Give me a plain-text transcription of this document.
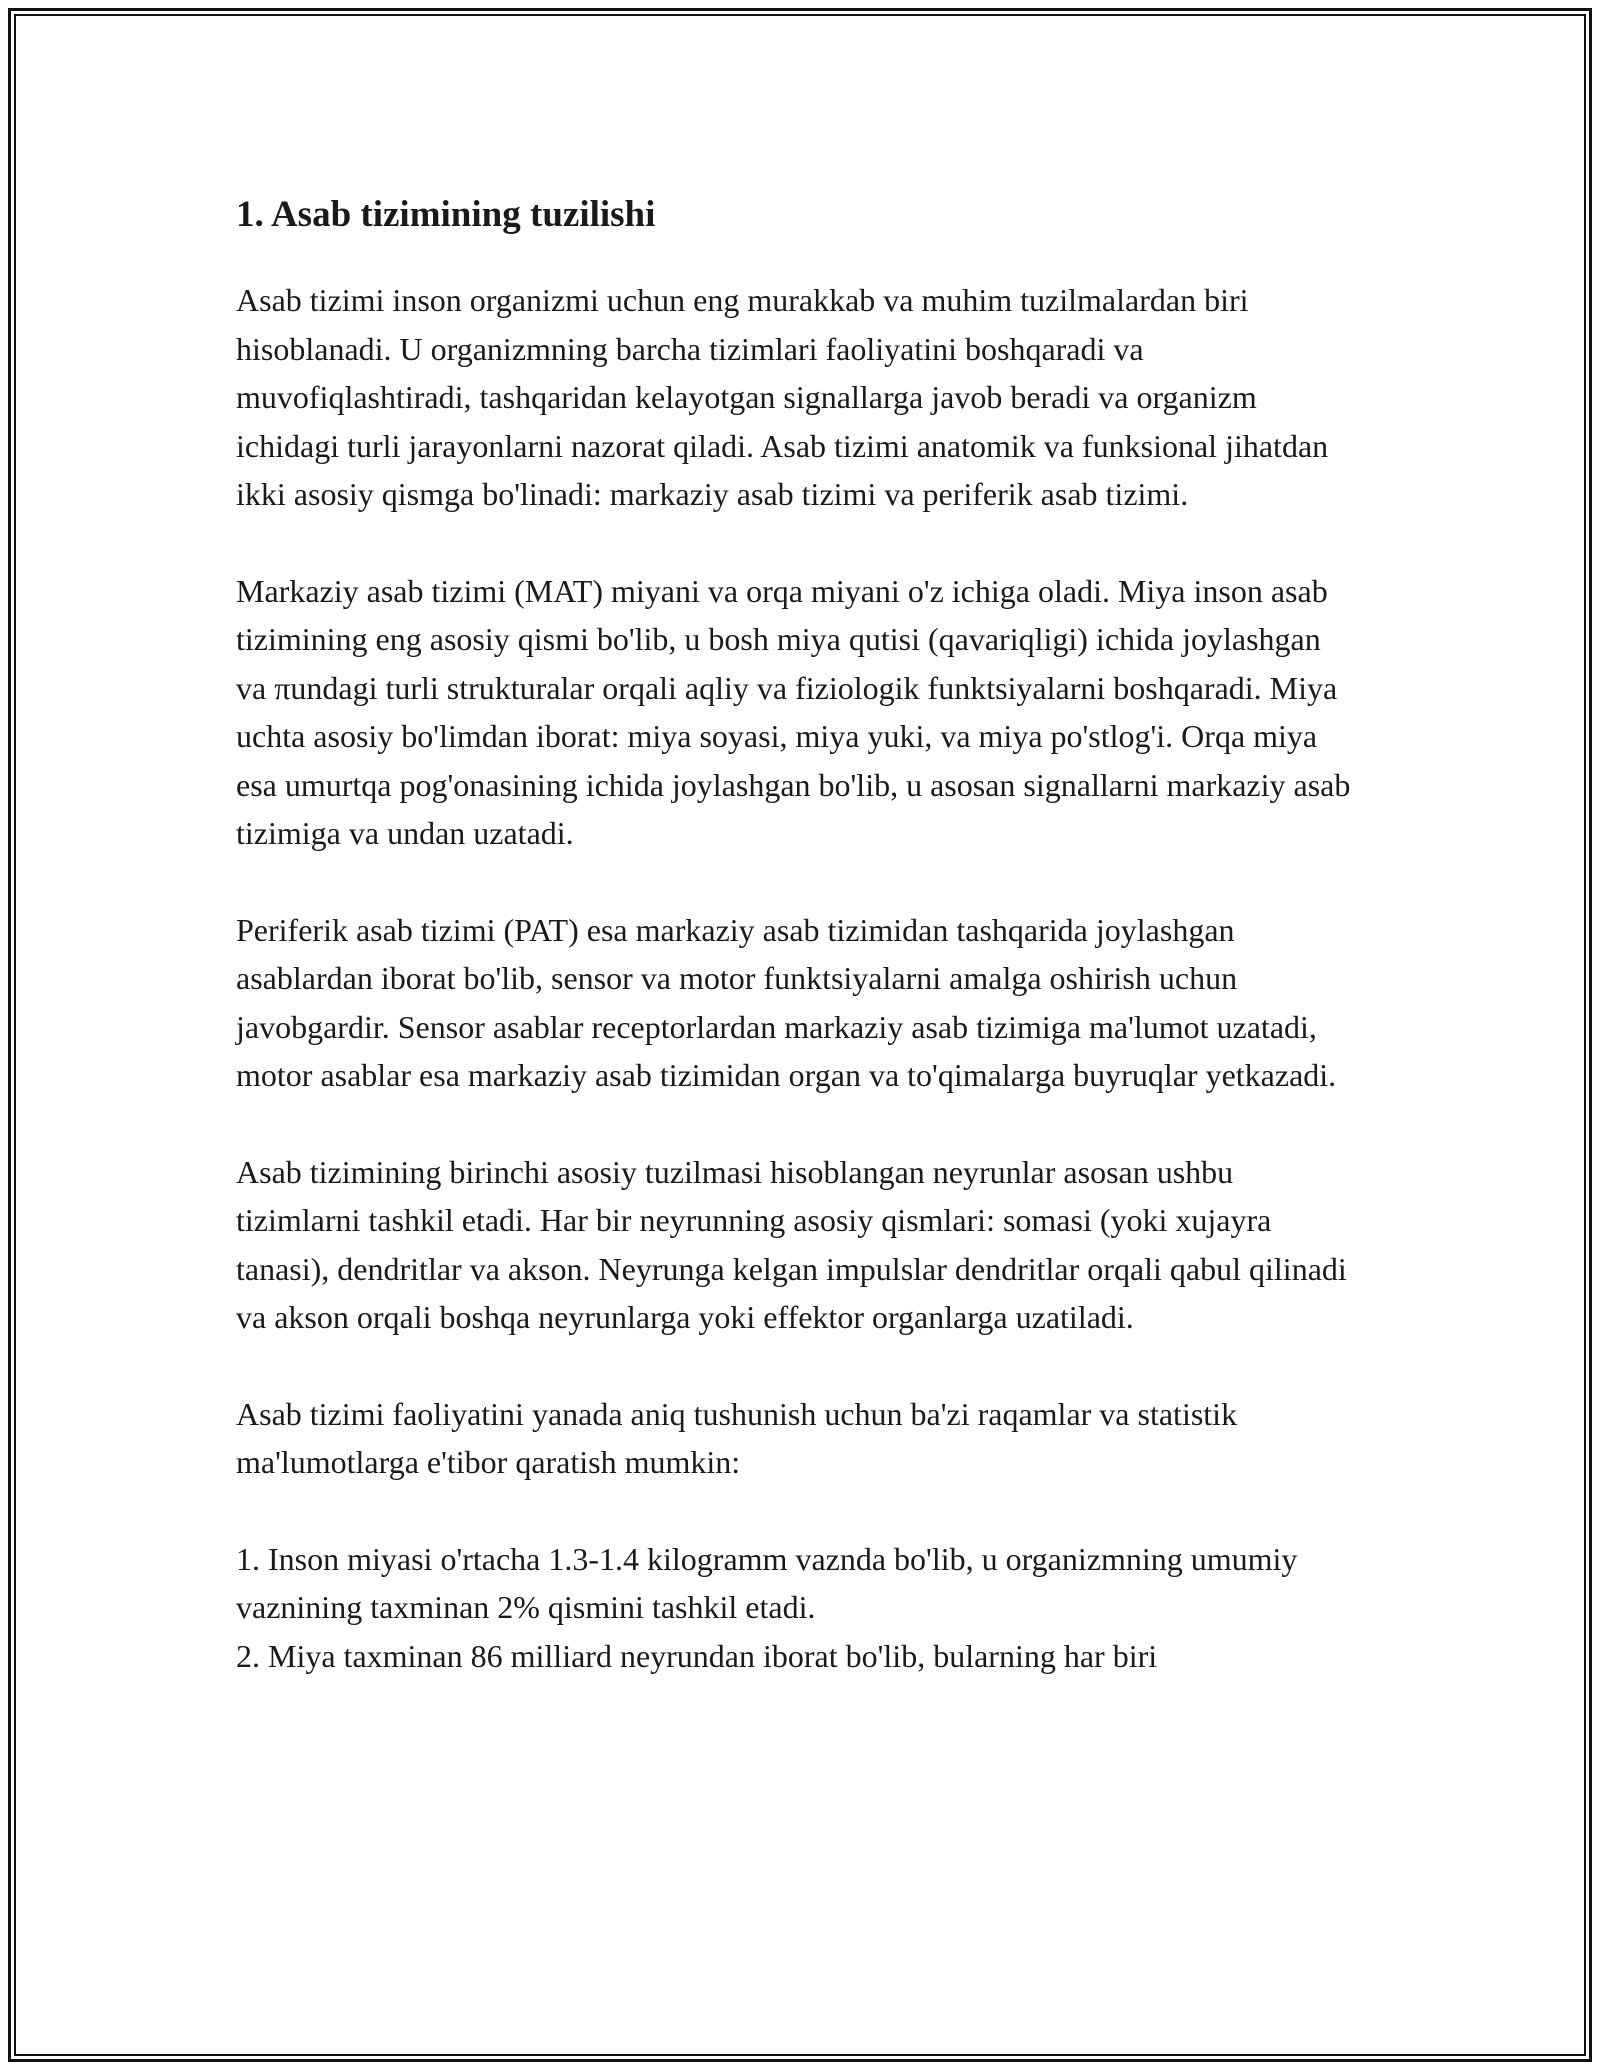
1. Asab tizimining tuzilishi

Asab tizimi inson organizmi uchun eng murakkab va muhim tuzilmalardan biri hisoblanadi. U organizmning barcha tizimlari faoliyatini boshqaradi va muvofiqlashtiradi, tashqaridan kelayotgan signallarga javob beradi va organizm ichidagi turli jarayonlarni nazorat qiladi. Asab tizimi anatomik va funksional jihatdan ikki asosiy qismga bo'linadi: markaziy asab tizimi va periferik asab tizimi.

Markaziy asab tizimi (MAT) miyani va orqa miyani o'z ichiga oladi. Miya inson asab tizimining eng asosiy qismi bo'lib, u bosh miya qutisi (qavariqligi) ichida joylashgan va πundagi turli strukturalar orqali aqliy va fiziologik funktsiyalarni boshqaradi. Miya uchta asosiy bo'limdan iborat: miya soyasi, miya yuki, va miya po'stlog'i. Orqa miya esa umurtqa pog'onasining ichida joylashgan bo'lib, u asosan signallarni markaziy asab tizimiga va undan uzatadi.

Periferik asab tizimi (PAT) esa markaziy asab tizimidan tashqarida joylashgan asablardan iborat bo'lib, sensor va motor funktsiyalarni amalga oshirish uchun javobgardir. Sensor asablar receptorlardan markaziy asab tizimiga ma'lumot uzatadi, motor asablar esa markaziy asab tizimidan organ va to'qimalarga buyruqlar yetkazadi.

Asab tizimining birinchi asosiy tuzilmasi hisoblangan neyrunlar asosan ushbu tizimlarni tashkil etadi. Har bir neyrunning asosiy qismlari: somasi (yoki xujayra tanasi), dendritlar va akson. Neyrunga kelgan impulslar dendritlar orqali qabul qilinadi va akson orqali boshqa neyrunlarga yoki effektor organlarga uzatiladi.

Asab tizimi faoliyatini yanada aniq tushunish uchun ba'zi raqamlar va statistik ma'lumotlarga e'tibor qaratish mumkin:

1. Inson miyasi o'rtacha 1.3-1.4 kilogramm vaznda bo'lib, u organizmning umumiy vaznining taxminan 2% qismini tashkil etadi.
2. Miya taxminan 86 milliard neyrundan iborat bo'lib, bularning har biri
